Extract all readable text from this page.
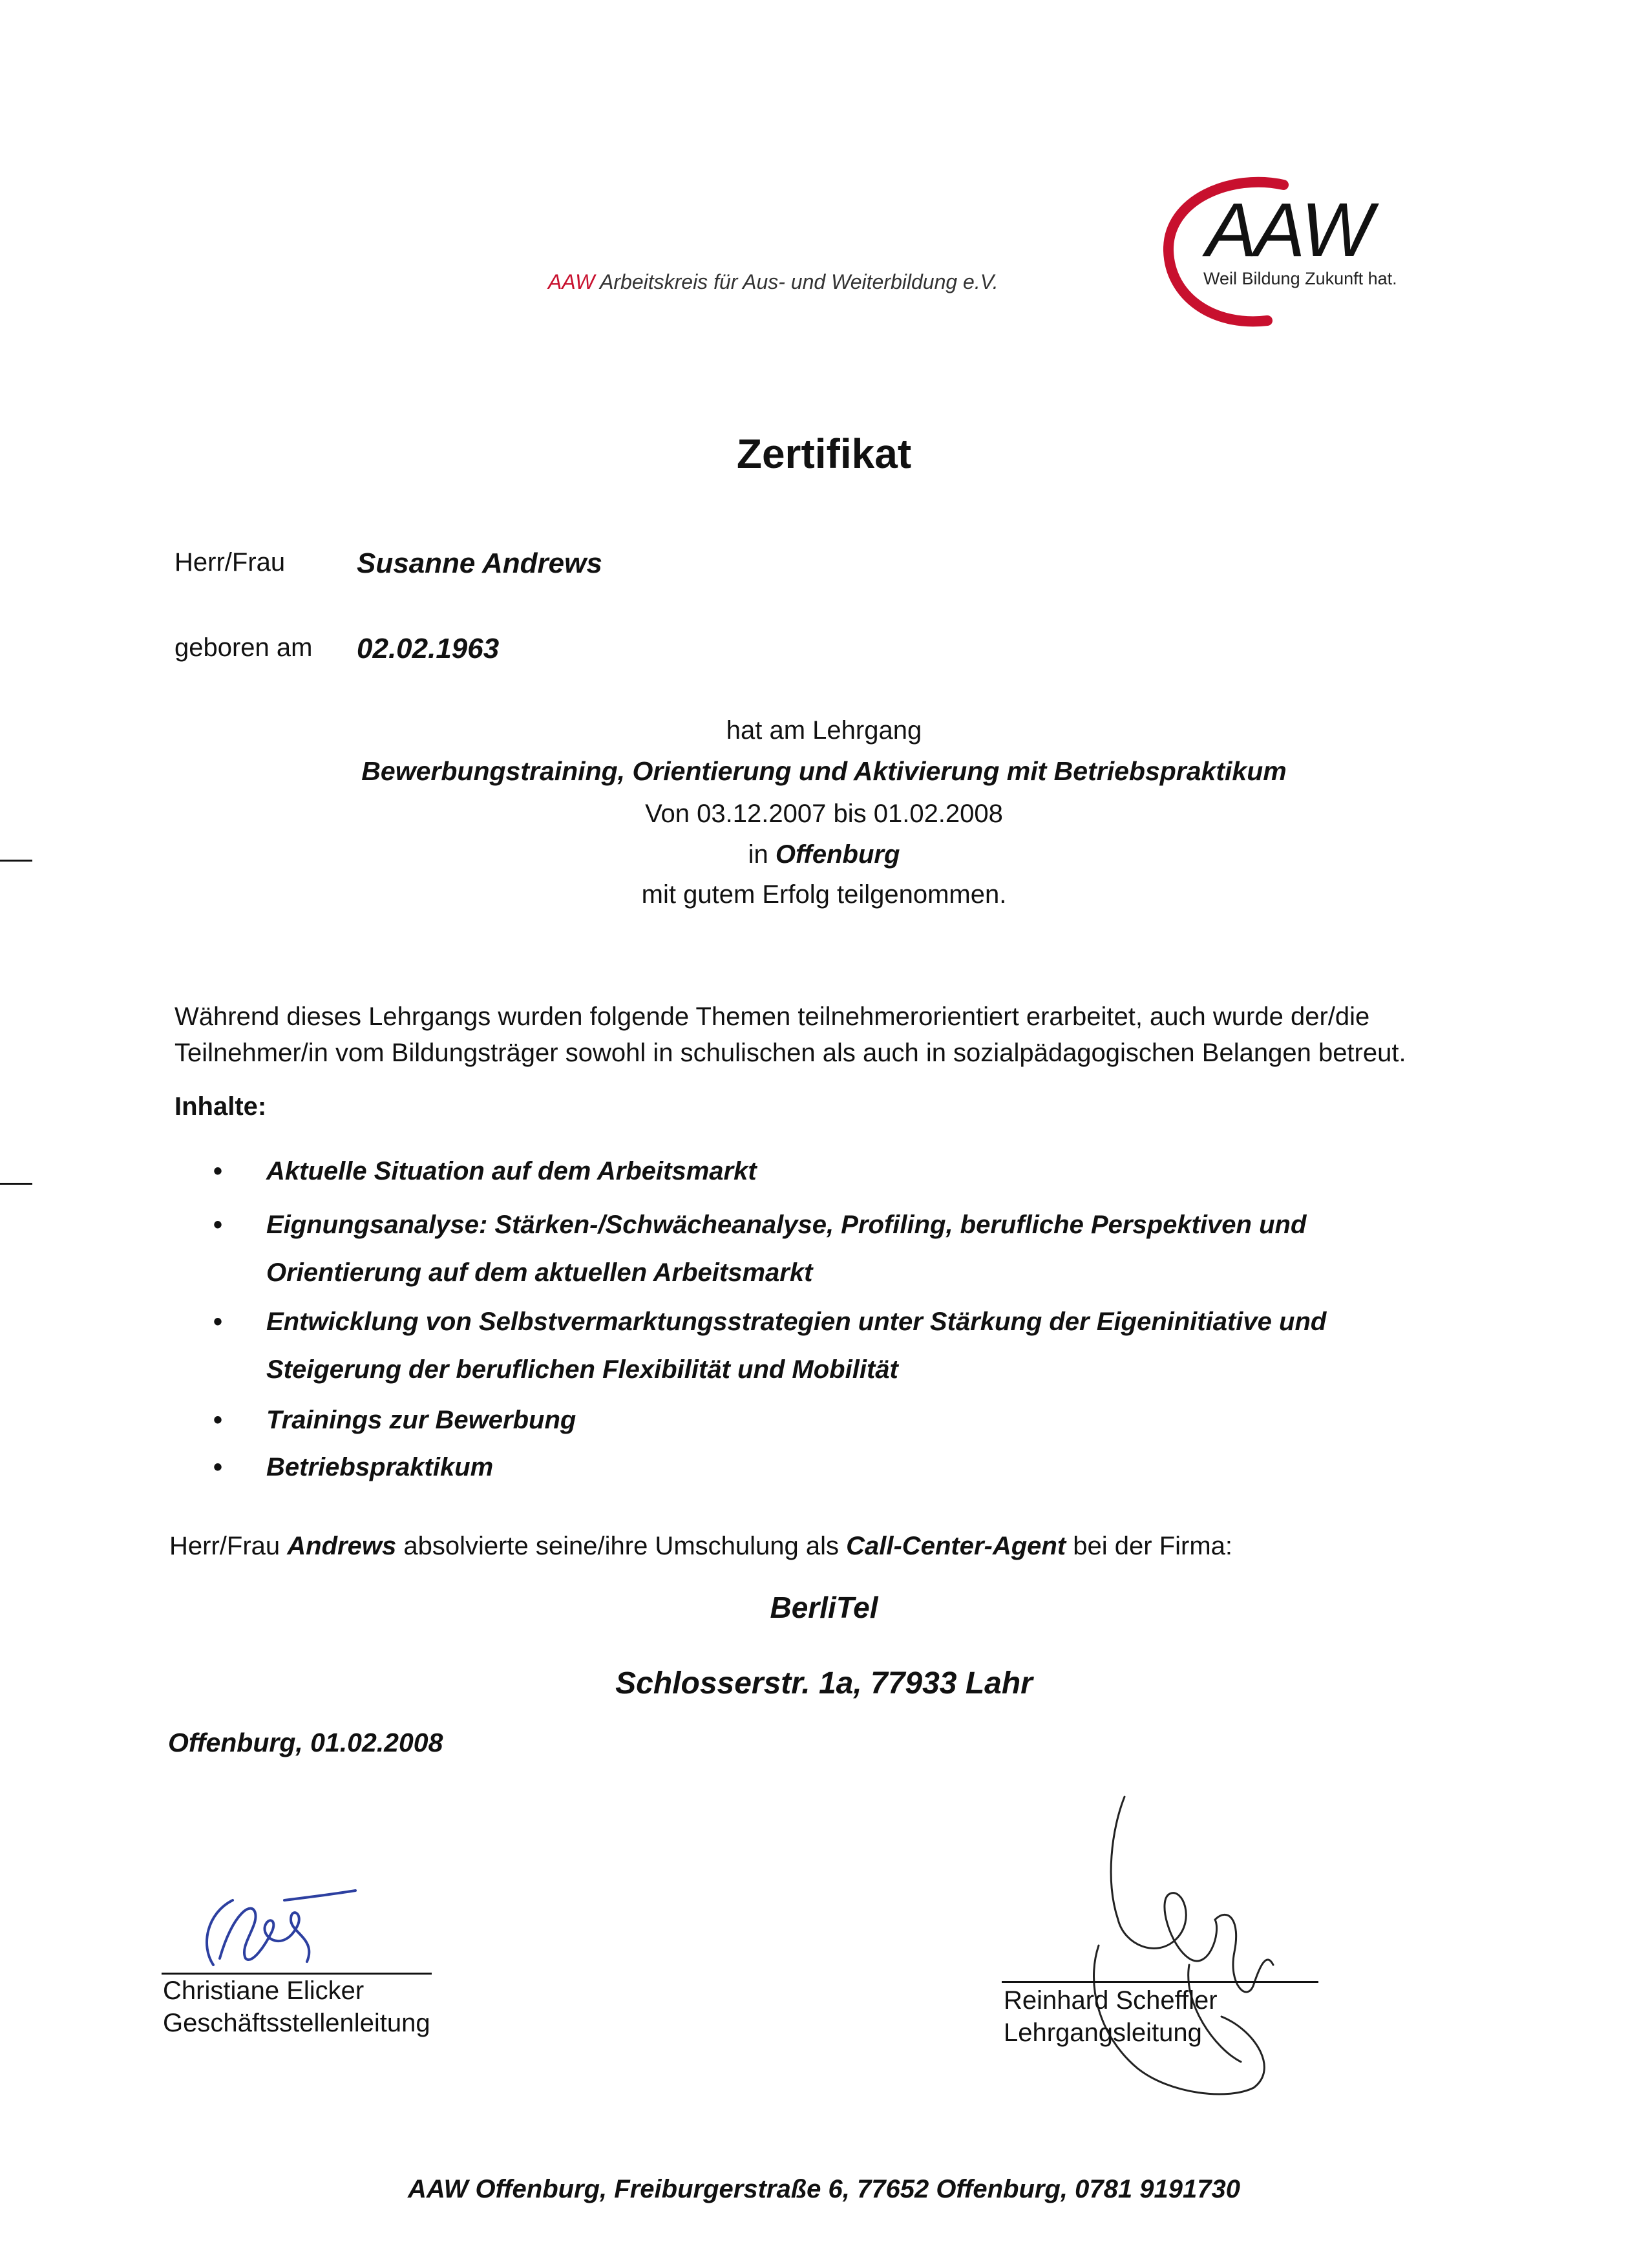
AAW Arbeitskreis für Aus- und Weiterbildung e.V.
AAW
Weil Bildung Zukunft hat.
Zertifikat
Herr/Frau	Susanne Andrews
geboren am 02.02.1963
hat am Lehrgang
Bewerbungstraining, Orientierung und Aktivierung mit Betriebspraktikum
Von 03.12.2007 bis 01.02.2008
in Offenburg
mit gutem Erfolg teilgenommen.
Während dieses Lehrgangs wurden folgende Themen teilnehmerorientiert erarbeitet, auch wurde der/die Teilnehmer/in vom Bildungsträger sowohl in schulischen als auch in sozialpädagogischen Belangen betreut.
Inhalte:
•	Aktuelle Situation auf dem Arbeitsmarkt
•	Eignungsanalyse: Stärken-/Schwächeanalyse, Profiling, berufliche Perspektiven und
Orientierung auf dem aktuellen Arbeitsmarkt
•	Entwicklung von Selbstvermarktungsstrategien unter Stärkung der Eigeninitiative und
Steigerung der beruflichen Flexibilität und Mobilität
•	Trainings zur Bewerbung
•	Betriebspraktikum
Herr/Frau Andrews absolvierte seine/ihre Umschulung als Call-Center-Agent bei der Firma:
BerliTel
Schlosserstr. 1a, 77933 Lahr
Offenburg, 01.02.2008
Christiane Elicker
Geschäftsstellenleitung
Reinhard Scheffler
Lehrgangsleitung
AAW Offenburg, Freiburgerstraße 6, 77652 Offenburg, 0781 9191730
